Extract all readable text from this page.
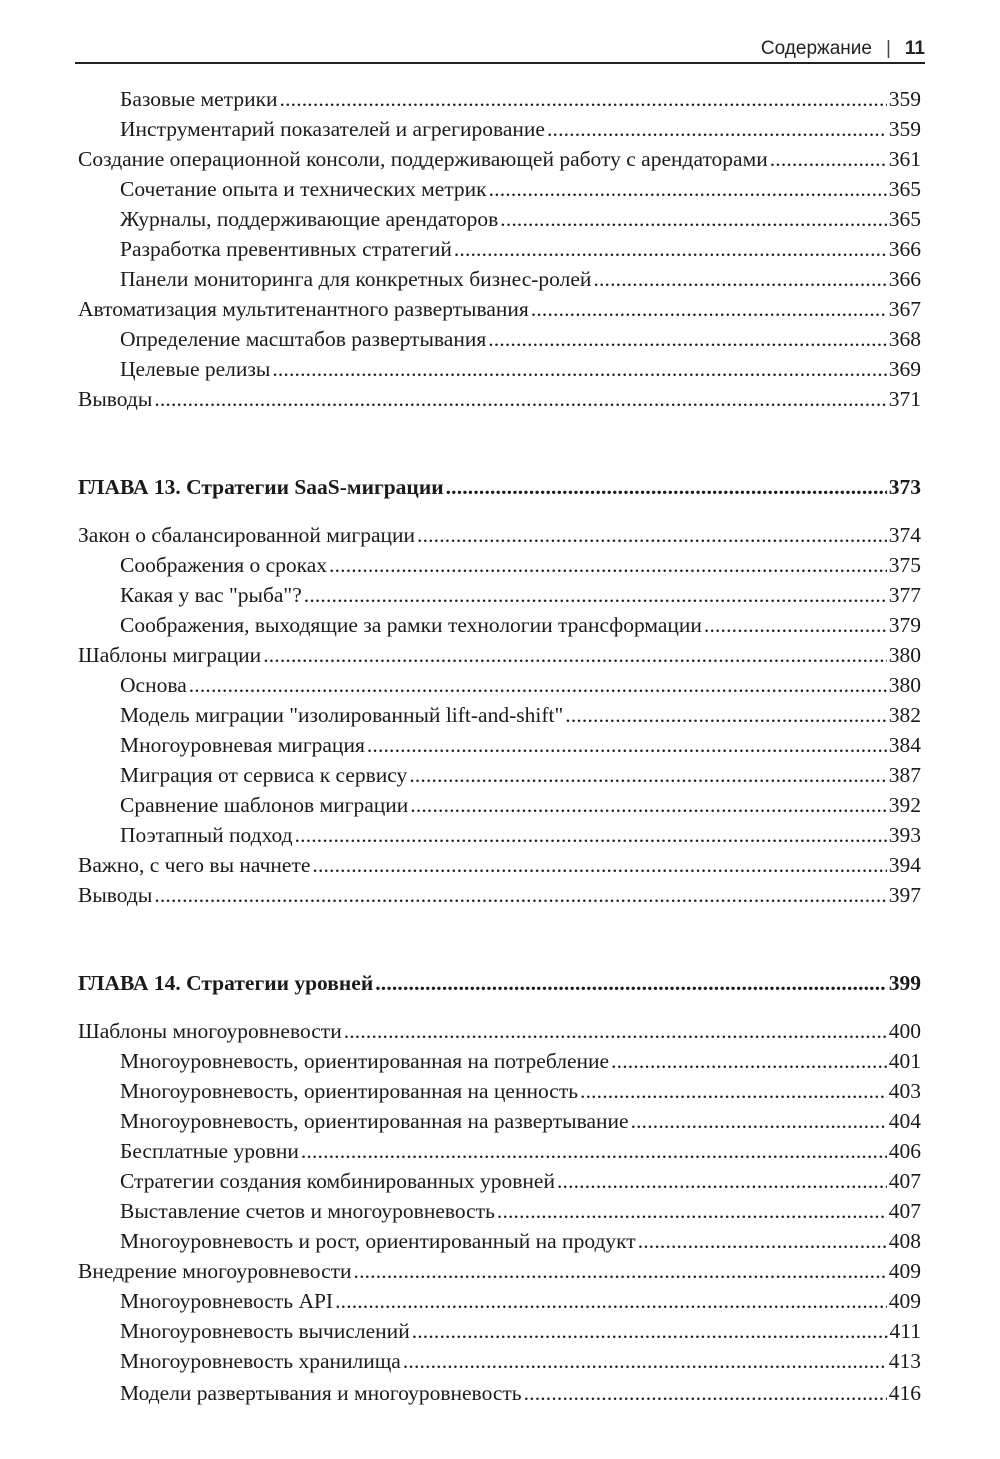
Содержание | 11
Базовые метрики . . .	359
Инструментарий показателей и агрегирование . . .	359
Создание операционной консоли, поддерживающей работу с арендаторами . . .	361
Сочетание опыта и технических метрик . . .	365
Журналы, поддерживающие арендаторов . . .	365
Разработка превентивных стратегий . . .	366
Панели мониторинга для конкретных бизнес-ролей . . .	366
Автоматизация мультитенантного развертывания . . .	367
Определение масштабов развертывания . . .	368
Целевые релизы . . .	369
Выводы . . .	371
ГЛАВА 13. Стратегии SaaS-миграции . . .	373
Закон о сбалансированной миграции . . .	374
Соображения о сроках . . .	375
Какая у вас "рыба"? . . .	377
Соображения, выходящие за рамки технологии трансформации . . .	379
Шаблоны миграции . . .	380
Основа . . .	380
Модель миграции "изолированный lift-and-shift" . . .	382
Многоуровневая миграция . . .	384
Миграция от сервиса к сервису . . .	387
Сравнение шаблонов миграции . . .	392
Поэтапный подход . . .	393
Важно, с чего вы начнете . . .	394
Выводы . . .	397
ГЛАВА 14. Стратегии уровней . . .	399
Шаблоны многоуровневости . . .	400
Многоуровневость, ориентированная на потребление . . .	401
Многоуровневость, ориентированная на ценность . . .	403
Многоуровневость, ориентированная на развертывание . . .	404
Бесплатные уровни . . .	406
Стратегии создания комбинированных уровней . . .	407
Выставление счетов и многоуровневость . . .	407
Многоуровневость и рост, ориентированный на продукт . . .	408
Внедрение многоуровневости . . .	409
Многоуровневость API . . .	409
Многоуровневость вычислений . . .	411
Многоуровневость хранилища . . .	413
Модели развертывания и многоуровневость . . .	416
